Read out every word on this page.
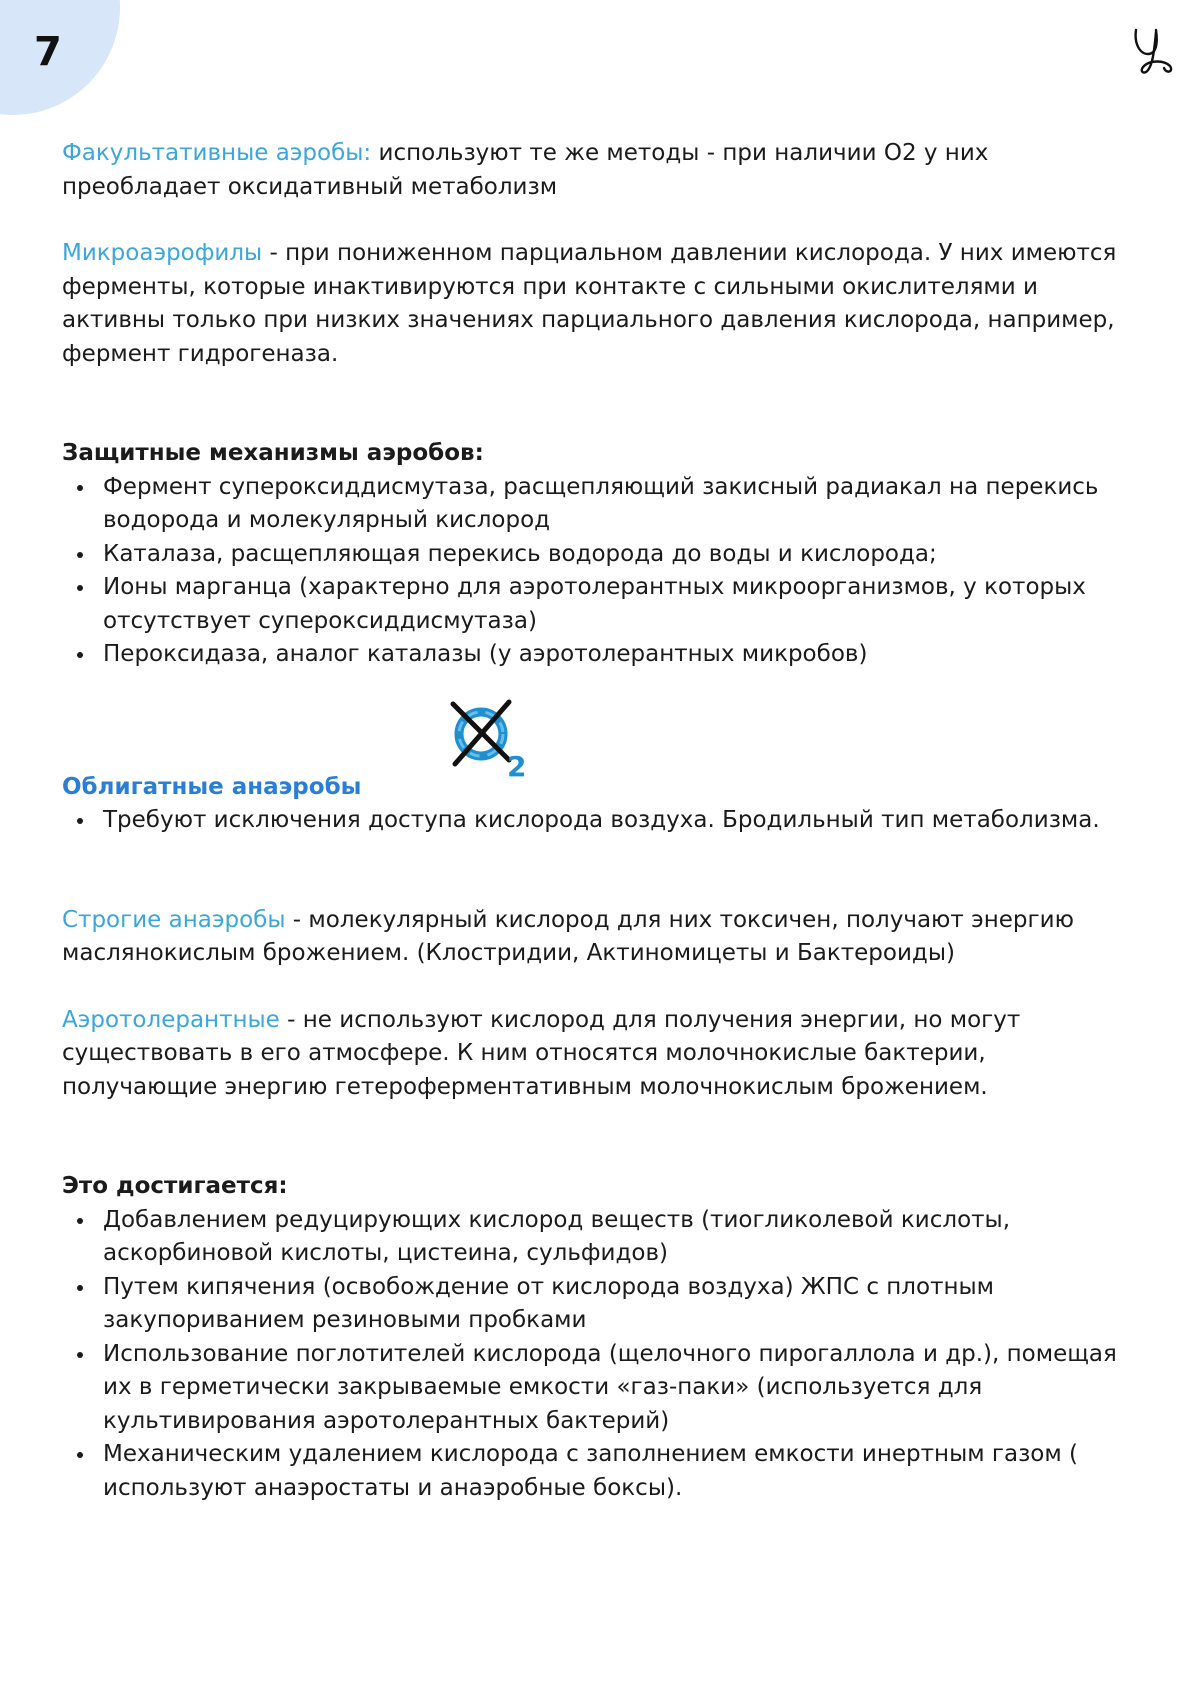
7

Факультативные аэробы: используют те же методы - при наличии О2 у них преобладает оксидативный метаболизм

Микроаэрофилы - при пониженном парциальном давлении кислорода. У них имеются ферменты, которые инактивируются при контакте с сильными окислителями и активны только при низких значениях парциального давления кислорода, например, фермент гидрогеназа.

Защитные механизмы аэробов:

Фермент супероксиддисмутаза, расщепляющий закисный радиакал на перекись водорода и молекулярный кислород
Каталаза, расщепляющая перекись водорода до воды и кислорода;
Ионы марганца (характерно для аэротолерантных микроорганизмов, у которых отсутствует супероксиддисмутаза)
Пероксидаза, аналог каталазы (у аэротолерантных микробов)

Облигатные анаэробы

Требуют исключения доступа кислорода воздуха. Бродильный тип метаболизма.

Строгие анаэробы - молекулярный кислород для них токсичен, получают энергию маслянокислым брожением. (Клостридии, Актиномицеты и Бактероиды)

Аэротолерантные - не используют кислород для получения энергии, но могут существовать в его атмосфере. К ним относятся молочнокислые бактерии, получающие энергию гетероферментативным молочнокислым брожением.

Это достигается:

Добавлением редуцирующих кислород веществ (тиогликолевой кислоты, аскорбиновой кислоты, цистеина, сульфидов)
Путем кипячения (освобождение от кислорода воздуха) ЖПС с плотным закупориванием резиновыми пробками
Использование поглотителей кислорода (щелочного пирогаллола и др.), помещая их в герметически закрываемые емкости «газ-паки» (используется для культивирования аэротолерантных бактерий)
Механическим удалением кислорода с заполнением емкости инертным газом ( используют анаэростаты и анаэробные боксы).
2
